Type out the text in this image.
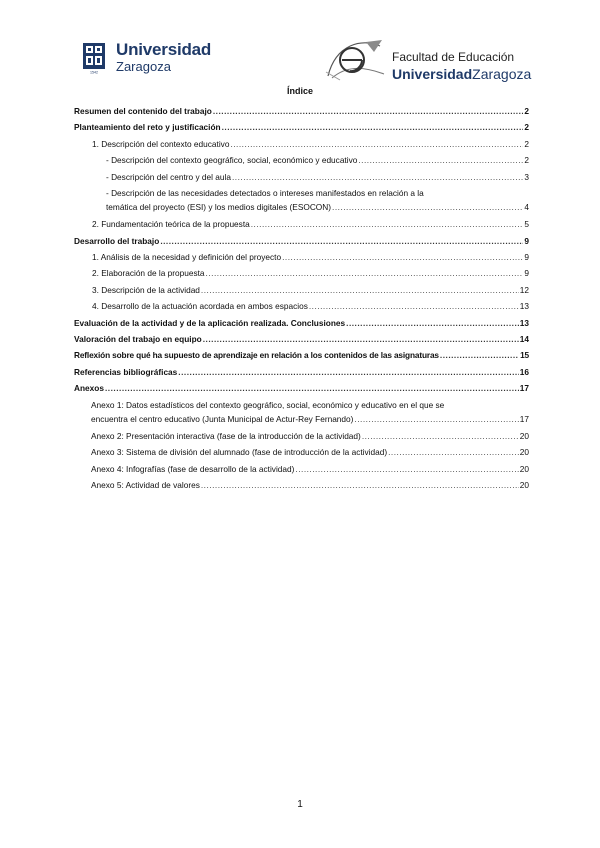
1542
Universidad
Zaragoza
Facultad de Educación
UniversidadZaragoza
Índice
Resumen del contenido del trabajo .....	2
Planteamiento del reto y justificación .....	2
1. Descripción del contexto educativo .....	2
- Descripción del contexto geográfico, social, económico y educativo .....	2
- Descripción del centro y del aula .....	3
- Descripción de las necesidades detectados o intereses manifestados en relación a la
temática del proyecto (ESI) y los medios digitales (ESOCON) .....	4
2. Fundamentación teórica de la propuesta .....	5
Desarrollo del trabajo .....	9
1. Análisis de la necesidad y definición del proyecto .....	9
2. Elaboración de la propuesta .....	9
3. Descripción de la actividad .....	12
4. Desarrollo de la actuación acordada en ambos espacios .....	13
Evaluación de la actividad y de la aplicación realizada. Conclusiones .....	13
Valoración del trabajo en equipo .....	14
Reflexión sobre qué ha supuesto de aprendizaje en relación a los contenidos de las asignaturas .....	15
Referencias bibliográficas .....	16
Anexos .....	17
Anexo 1: Datos estadísticos del contexto geográfico, social, económico y educativo en el que se
encuentra el centro educativo (Junta Municipal de Actur-Rey Fernando) .....	17
Anexo 2: Presentación interactiva (fase de la introducción de la actividad) .....	20
Anexo 3: Sistema de división del alumnado (fase de introducción de la actividad) .....	20
Anexo 4: Infografías (fase de desarrollo de la actividad) .....	20
Anexo 5: Actividad de valores .....	20
1
